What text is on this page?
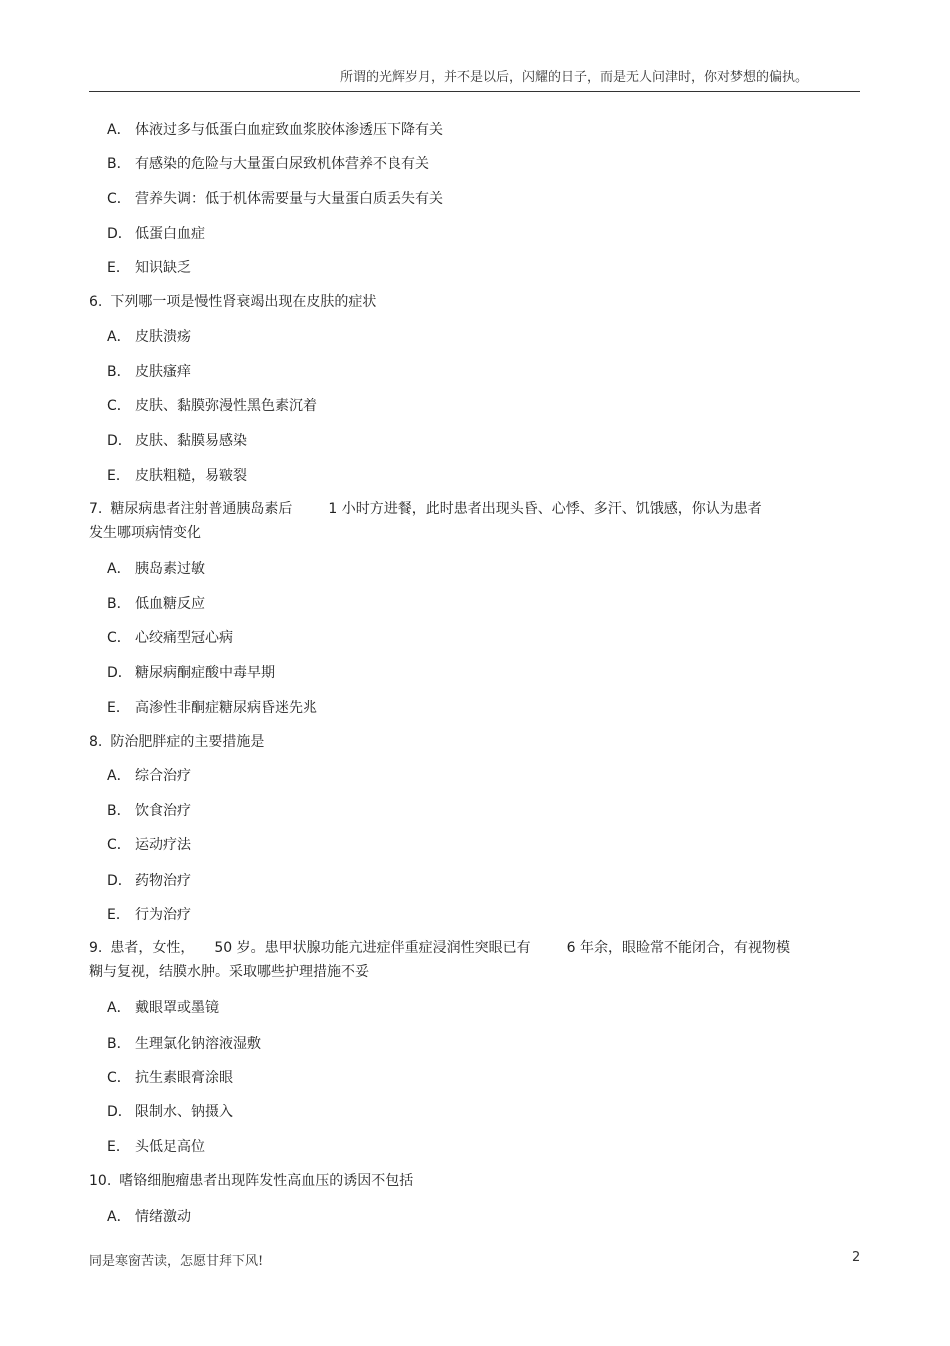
所谓的光辉岁月，并不是以后，闪耀的日子，而是无人问津时，你对梦想的偏执。
A． 体液过多与低蛋白血症致血浆胶体渗透压下降有关
B． 有感染的危险与大量蛋白尿致机体营养不良有关
C． 营养失调：低于机体需要量与大量蛋白质丢失有关
D． 低蛋白血症
E． 知识缺乏
6. 下列哪一项是慢性肾衰竭出现在皮肤的症状
A． 皮肤溃疡
B． 皮肤瘙痒
C． 皮肤、黏膜弥漫性黑色素沉着
D． 皮肤、黏膜易感染
E． 皮肤粗糙，易皲裂
7. 糖尿病患者注射普通胰岛素后	1 小时方进餐，此时患者出现头昏、心悸、多汗、饥饿感，你认为患者
发生哪项病情变化
A． 胰岛素过敏
B． 低血糖反应
C． 心绞痛型冠心病
D． 糖尿病酮症酸中毒早期
E． 高渗性非酮症糖尿病昏迷先兆
8. 防治肥胖症的主要措施是
A． 综合治疗
B． 饮食治疗
C． 运动疗法
D． 药物治疗
E． 行为治疗
9. 患者，女性， 50 岁。患甲状腺功能亢进症伴重症浸润性突眼已有	6 年余，眼睑常不能闭合，有视物模
糊与复视，结膜水肿。采取哪些护理措施不妥
A． 戴眼罩或墨镜
B． 生理氯化钠溶液湿敷
C． 抗生素眼膏涂眼
D． 限制水、钠摄入
E． 头低足高位
10. 嗜铬细胞瘤患者出现阵发性高血压的诱因不包括
A． 情绪激动
同是寒窗苦读，怎愿甘拜下风!	2
